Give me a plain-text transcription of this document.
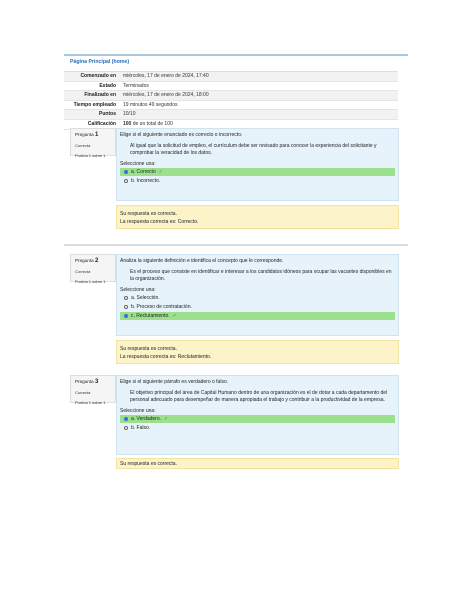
Página Principal (home)
Comenzado en	miércoles, 17 de enero de 2024, 17:40
Estado	Terminados
Finalizado en	miércoles, 17 de enero de 2024, 18:00
Tiempo empleado	19 minutos 49 segundos
Puntos	10/10
Calificación	100 de un total de 100
Pregunta 1
Correcta
Puntúa 1 sobre 1
Elige si el siguiente enunciado es correcto o incorrecto.
Al igual que la solicitud de empleo, el currículum debe ser revisado para conocer la experiencia del solicitante y comprobar la veracidad de los datos.
Seleccione una:
a. Correcto ✓
b. Incorrecto.
Su respuesta es correcta.
La respuesta correcta es: Correcto.
Pregunta 2
Correcta
Puntúa 1 sobre 1
Analiza la siguiente definición e identifica el concepto que le corresponde.
Es el proceso que consiste en identificar e interesar a los candidatos idóneos para ocupar las vacantes disponibles en la organización.
Seleccione una:
a. Selección.
b. Proceso de contratación.
c. Reclutamiento. ✓
Su respuesta es correcta.
La respuesta correcta es: Reclutamiento.
Pregunta 3
Correcta
Puntúa 1 sobre 1
Elige si el siguiente párrafo es verdadero o falso.
El objetivo principal del área de Capital Humano dentro de una organización es el de dotar a cada departamento del personal adecuado para desempeñar de manera apropiada el trabajo y contribuir a la productividad de la empresa.
Seleccione una:
a. Verdadero. ✓
b. Falso.
Su respuesta es correcta.
